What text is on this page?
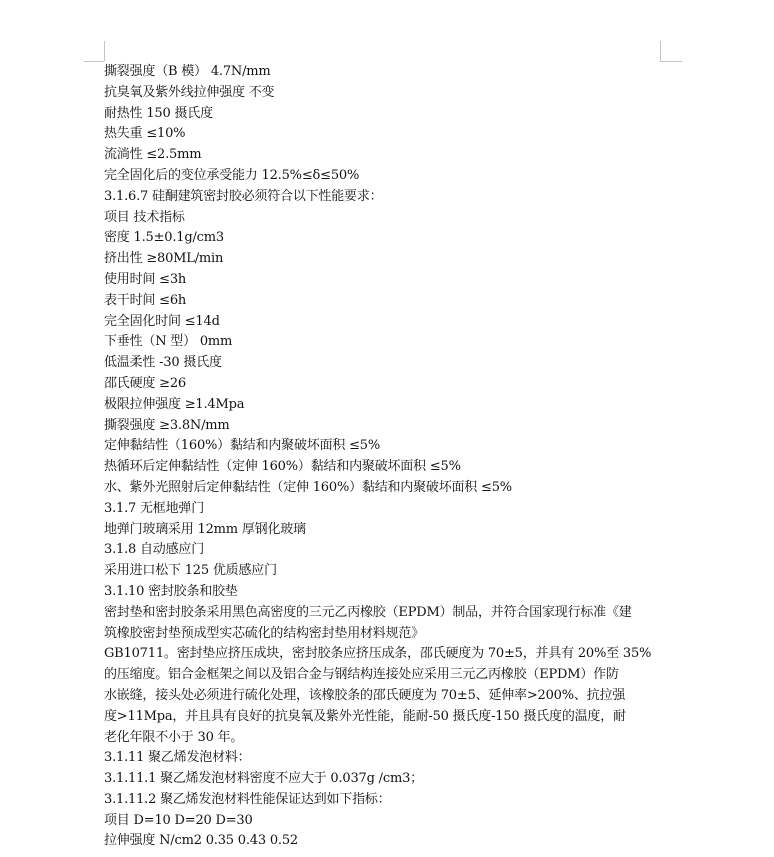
撕裂强度（B 模） 4.7N/mm
抗臭氧及紫外线拉伸强度 不变
耐热性 150 摄氏度
热失重 ≤10%
流淌性 ≤2.5mm
完全固化后的变位承受能力 12.5%≤δ≤50%
3.1.6.7 硅酮建筑密封胶必须符合以下性能要求：
项目 技术指标
密度 1.5±0.1g/cm3
挤出性 ≥80ML/min
使用时间 ≤3h
表干时间 ≤6h
完全固化时间 ≤14d
下垂性（N 型） 0mm
低温柔性 -30 摄氏度
邵氏硬度 ≥26
极限拉伸强度 ≥1.4Mpa
撕裂强度 ≥3.8N/mm
定伸黏结性（160%）黏结和内聚破坏面积 ≤5%
热循环后定伸黏结性（定伸 160%）黏结和内聚破坏面积 ≤5%
水、紫外光照射后定伸黏结性（定伸 160%）黏结和内聚破坏面积 ≤5%
3.1.7 无框地弹门
地弹门玻璃采用 12mm 厚钢化玻璃
3.1.8 自动感应门
采用进口松下 125 优质感应门
3.1.10 密封胶条和胶垫
密封垫和密封胶条采用黑色高密度的三元乙丙橡胶（EPDM）制品，并符合国家现行标准《建
筑橡胶密封垫预成型实芯硫化的结构密封垫用材料规范》
GB10711。密封垫应挤压成块，密封胶条应挤压成条，邵氏硬度为 70±5，并具有 20%至 35%
的压缩度。铝合金框架之间以及铝合金与钢结构连接处应采用三元乙丙橡胶（EPDM）作防
水嵌缝，接头处必须进行硫化处理，该橡胶条的邵氏硬度为 70±5、延伸率>200%、抗拉强
度>11Mpa，并且具有良好的抗臭氧及紫外光性能，能耐-50 摄氏度-150 摄氏度的温度，耐
老化年限不小于 30 年。
3.1.11 聚乙烯发泡材料：
3.1.11.1 聚乙烯发泡材料密度不应大于 0.037g /cm3；
3.1.11.2 聚乙烯发泡材料性能保证达到如下指标：
项目 D=10 D=20 D=30
拉伸强度 N/cm2 0.35 0.43 0.52
